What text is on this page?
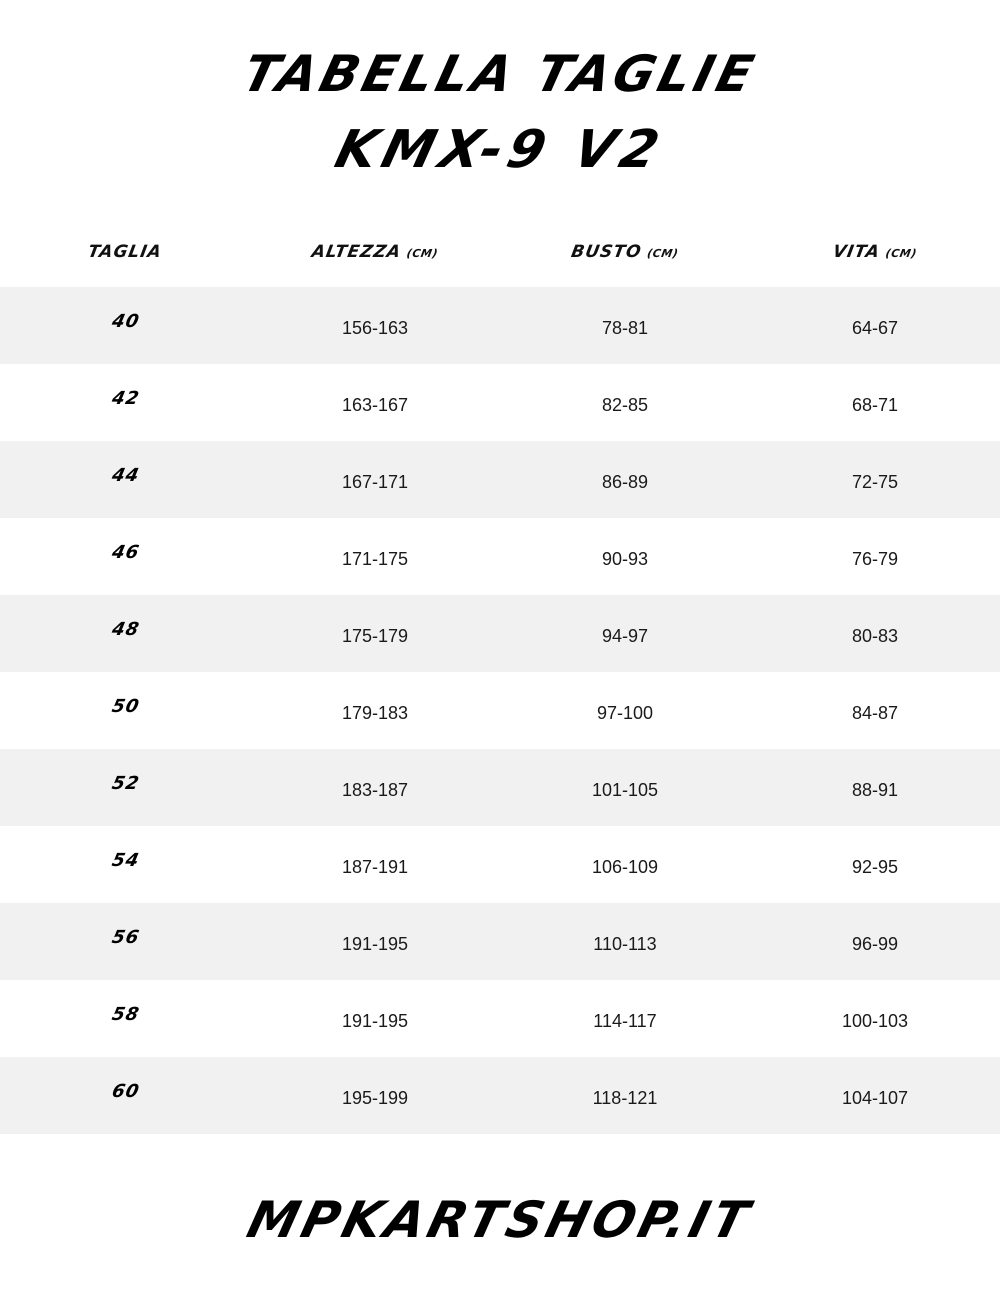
TABELLA TAGLIE
KMX-9 V2
TAGLIA	ALTEZZA (CM)	BUSTO (CM)	VITA (CM)
40	156-163	78-81	64-67
42	163-167	82-85	68-71
44	167-171	86-89	72-75
46	171-175	90-93	76-79
48	175-179	94-97	80-83
50	179-183	97-100	84-87
52	183-187	101-105	88-91
54	187-191	106-109	92-95
56	191-195	110-113	96-99
58	191-195	114-117	100-103
60	195-199	118-121	104-107
MPKARTSHOP.IT
